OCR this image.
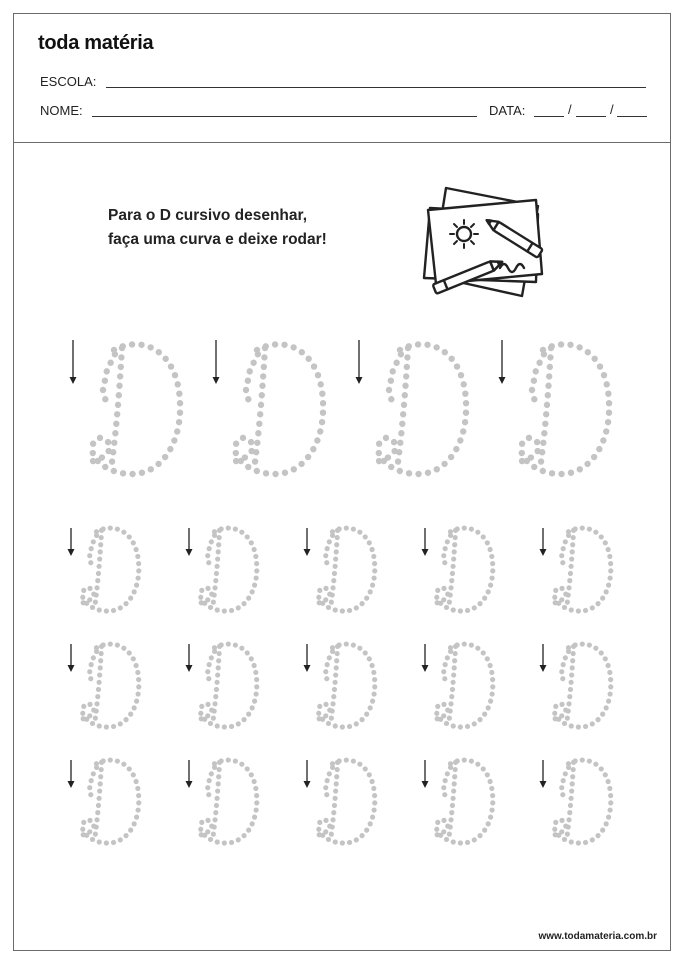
toda matéria
ESCOLA:
NOME:	DATA:	/	/
Para o D cursivo desenhar,
faça uma curva e deixe rodar!
www.todamateria.com.br
